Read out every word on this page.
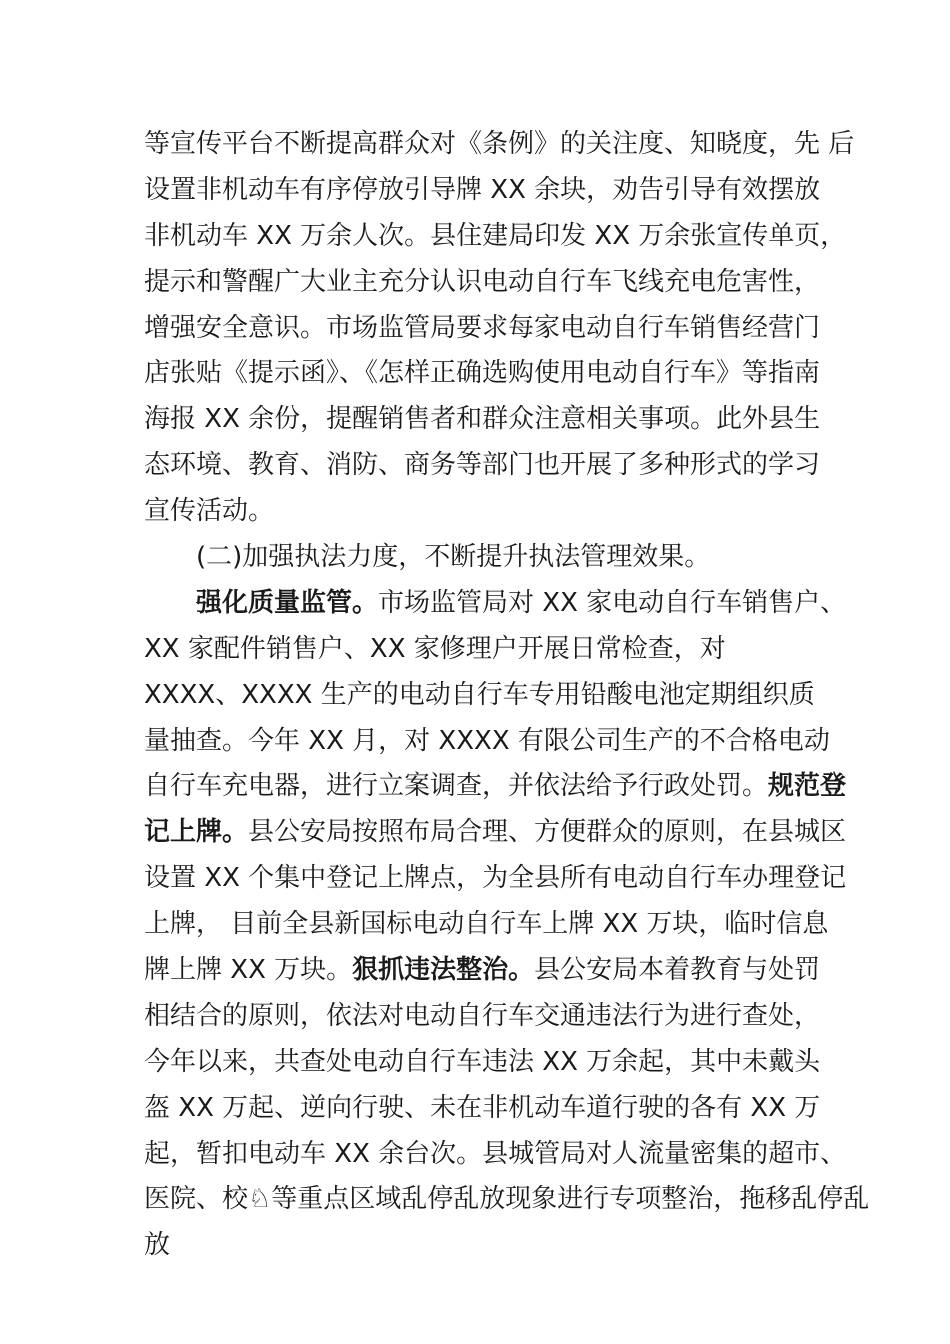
等宣传平台不断提高群众对《条例》的关注度、知晓度，先 后
设置非机动车有序停放引导牌 XX 余块，劝告引导有效摆放
非机动车 XX 万余人次。县住建局印发 XX 万余张宣传单页，
提示和警醒广大业主充分认识电动自行车飞线充电危害性，
增强安全意识。市场监管局要求每家电动自行车销售经营门
店张贴《提示函》、《怎样正确选购使用电动自行车》等指南
海报 XX 余份，提醒销售者和群众注意相关事项。此外县生
态环境、教育、消防、商务等部门也开展了多种形式的学习
宣传活动。
(二)加强执法力度，不断提升执法管理效果。
强化质量监管。市场监管局对 XX 家电动自行车销售户、
XX 家配件销售户、XX 家修理户开展日常检查，对
XXXX、XXXX 生产的电动自行车专用铅酸电池定期组织质
量抽查。今年 XX 月，对 XXXX 有限公司生产的不合格电动
自行车充电器，进行立案调查，并依法给予行政处罚。规范登
记上牌。县公安局按照布局合理、方便群众的原则，在县城区
设置 XX 个集中登记上牌点，为全县所有电动自行车办理登记
上牌， 目前全县新国标电动自行车上牌 XX 万块，临时信息
牌上牌 XX 万块。狠抓违法整治。县公安局本着教育与处罚
相结合的原则，依法对电动自行车交通违法行为进行查处，
今年以来，共查处电动自行车违法 XX 万余起，其中未戴头
盔 XX 万起、逆向行驶、未在非机动车道行驶的各有 XX 万
起，暂扣电动车 XX 余台次。县城管局对人流量密集的超市、
医院、校♘等重点区域乱停乱放现象进行专项整治，拖移乱停乱
放
